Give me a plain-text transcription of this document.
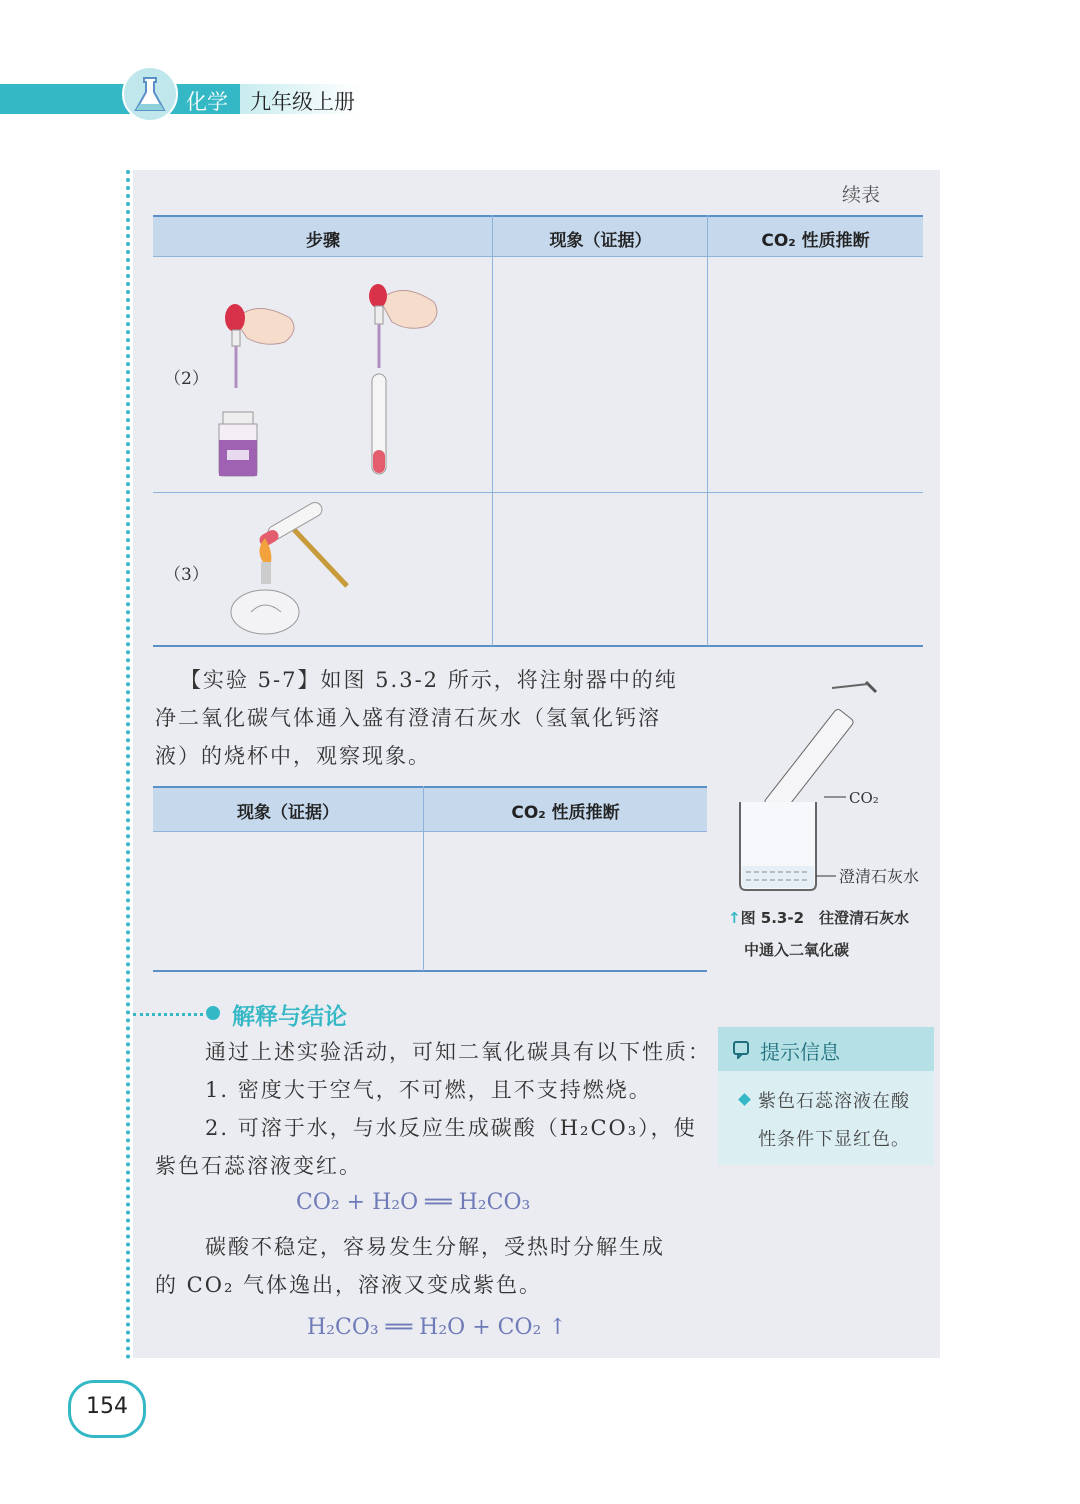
化学 九年级上册
续表
步骤	现象（证据）	CO₂ 性质推断
（2）
（3）
【实验 5-7】如图 5.3-2 所示，将注射器中的纯
净二氧化碳气体通入盛有澄清石灰水（氢氧化钙溶
液）的烧杯中，观察现象。
现象（证据）	CO₂ 性质推断
CO₂
澄清石灰水
↑图 5.3-2　往澄清石灰水
中通入二氧化碳
解释与结论
通过上述实验活动，可知二氧化碳具有以下性质：
1. 密度大于空气，不可燃，且不支持燃烧。
2. 可溶于水，与水反应生成碳酸（H₂CO₃），使
紫色石蕊溶液变红。
CO₂ + H₂O ══ H₂CO₃
碳酸不稳定，容易发生分解，受热时分解生成
的 CO₂ 气体逸出，溶液又变成紫色。
H₂CO₃ ══ H₂O + CO₂ ↑
提示信息
紫色石蕊溶液在酸性条件下显红色。
154
